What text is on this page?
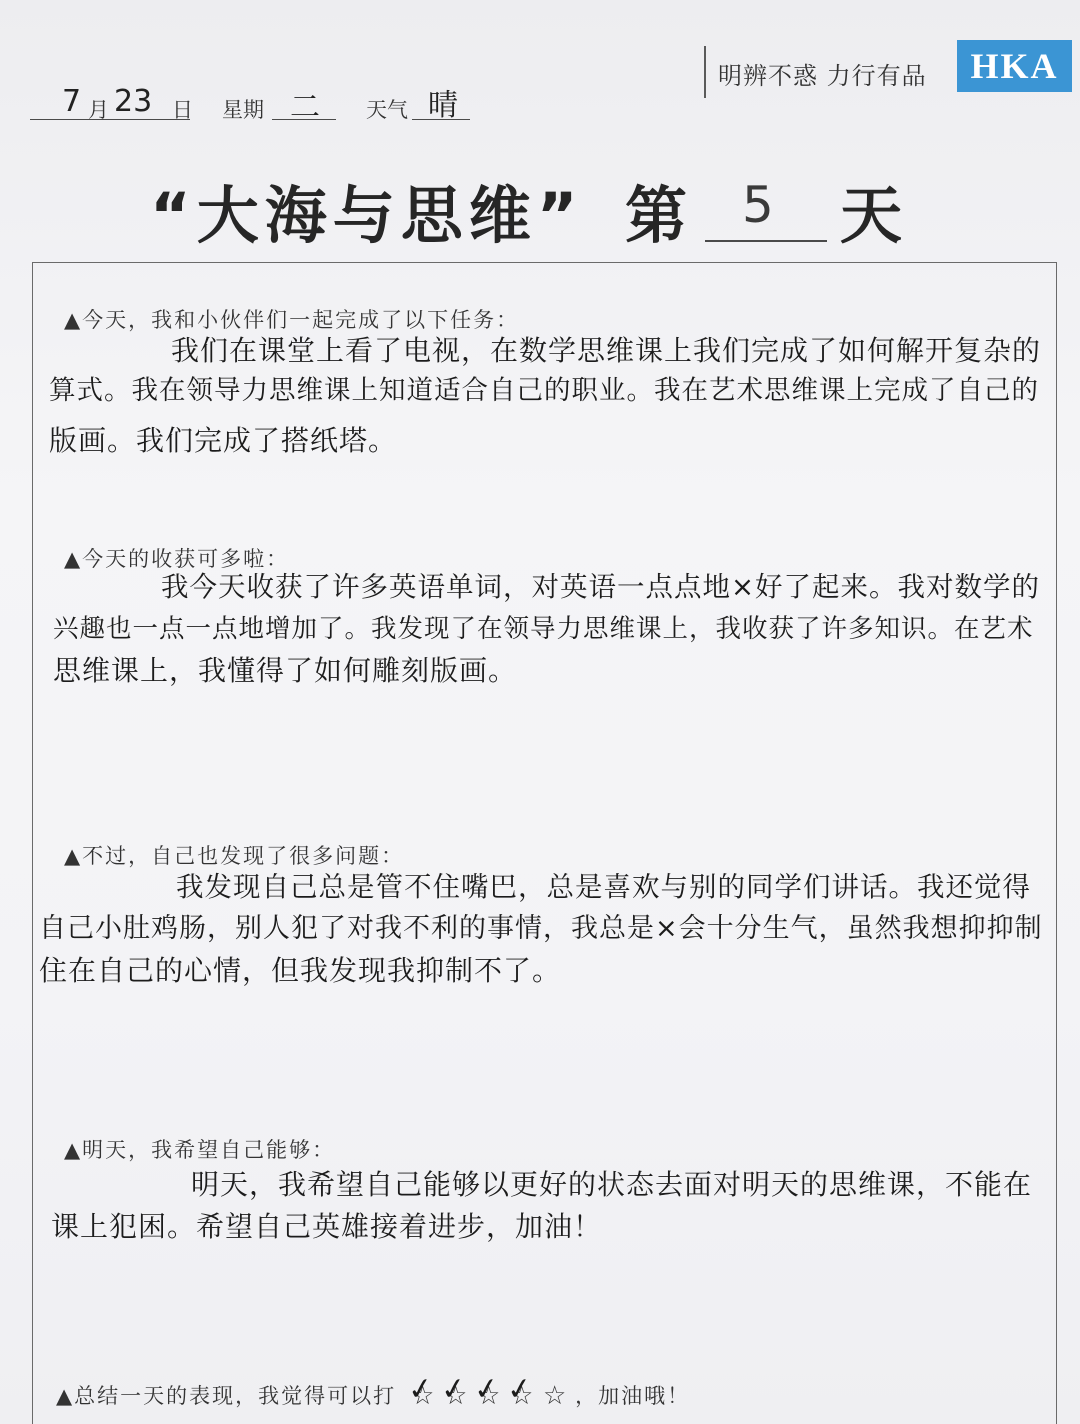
明辨不惑 力行有品	HKA
7 月 23 日 星期 二 天气 晴
“大海与思维” 第 5 天
▲今天，我和小伙伴们一起完成了以下任务：
我们在课堂上看了电视，在数学思维课上我们完成了如何解开复杂的
算式。我在领导力思维课上知道适合自己的职业。我在艺术思维课上完成了自己的
版画。我们完成了搭纸塔。
▲今天的收获可多啦：
我今天收获了许多英语单词，对英语一点点地×好了起来。我对数学的
兴趣也一点一点地增加了。我发现了在领导力思维课上，我收获了许多知识。在艺术
思维课上，我懂得了如何雕刻版画。
▲不过，自己也发现了很多问题：
我发现自己总是管不住嘴巴，总是喜欢与别的同学们讲话。我还觉得
自己小肚鸡肠，别人犯了对我不利的事情，我总是×会十分生气，虽然我想抑抑制
住在自己的心情，但我发现我抑制不了。
▲明天，我希望自己能够：
明天，我希望自己能够以更好的状态去面对明天的思维课，不能在
课上犯困。希望自己英雄接着进步，加油！
▲总结一天的表现，我觉得可以打 ☆ ✓ ☆ ✓ ☆ ✓ ☆ ✓ ☆	，加油哦！
